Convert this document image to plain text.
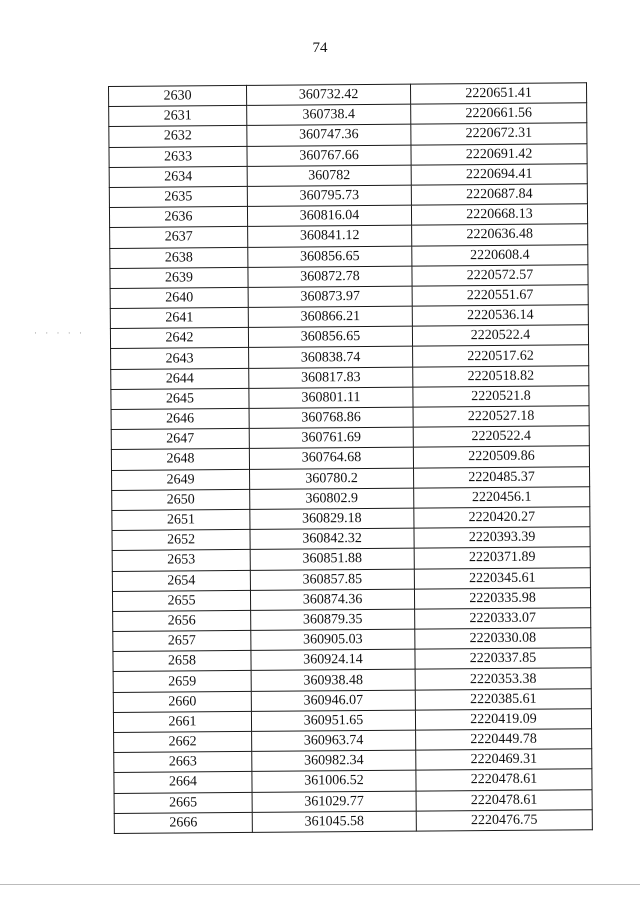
74
· · · · ·
2630	360732.42	2220651.41
2631	360738.4	2220661.56
2632	360747.36	2220672.31
2633	360767.66	2220691.42
2634	360782	2220694.41
2635	360795.73	2220687.84
2636	360816.04	2220668.13
2637	360841.12	2220636.48
2638	360856.65	2220608.4
2639	360872.78	2220572.57
2640	360873.97	2220551.67
2641	360866.21	2220536.14
2642	360856.65	2220522.4
2643	360838.74	2220517.62
2644	360817.83	2220518.82
2645	360801.11	2220521.8
2646	360768.86	2220527.18
2647	360761.69	2220522.4
2648	360764.68	2220509.86
2649	360780.2	2220485.37
2650	360802.9	2220456.1
2651	360829.18	2220420.27
2652	360842.32	2220393.39
2653	360851.88	2220371.89
2654	360857.85	2220345.61
2655	360874.36	2220335.98
2656	360879.35	2220333.07
2657	360905.03	2220330.08
2658	360924.14	2220337.85
2659	360938.48	2220353.38
2660	360946.07	2220385.61
2661	360951.65	2220419.09
2662	360963.74	2220449.78
2663	360982.34	2220469.31
2664	361006.52	2220478.61
2665	361029.77	2220478.61
2666	361045.58	2220476.75
